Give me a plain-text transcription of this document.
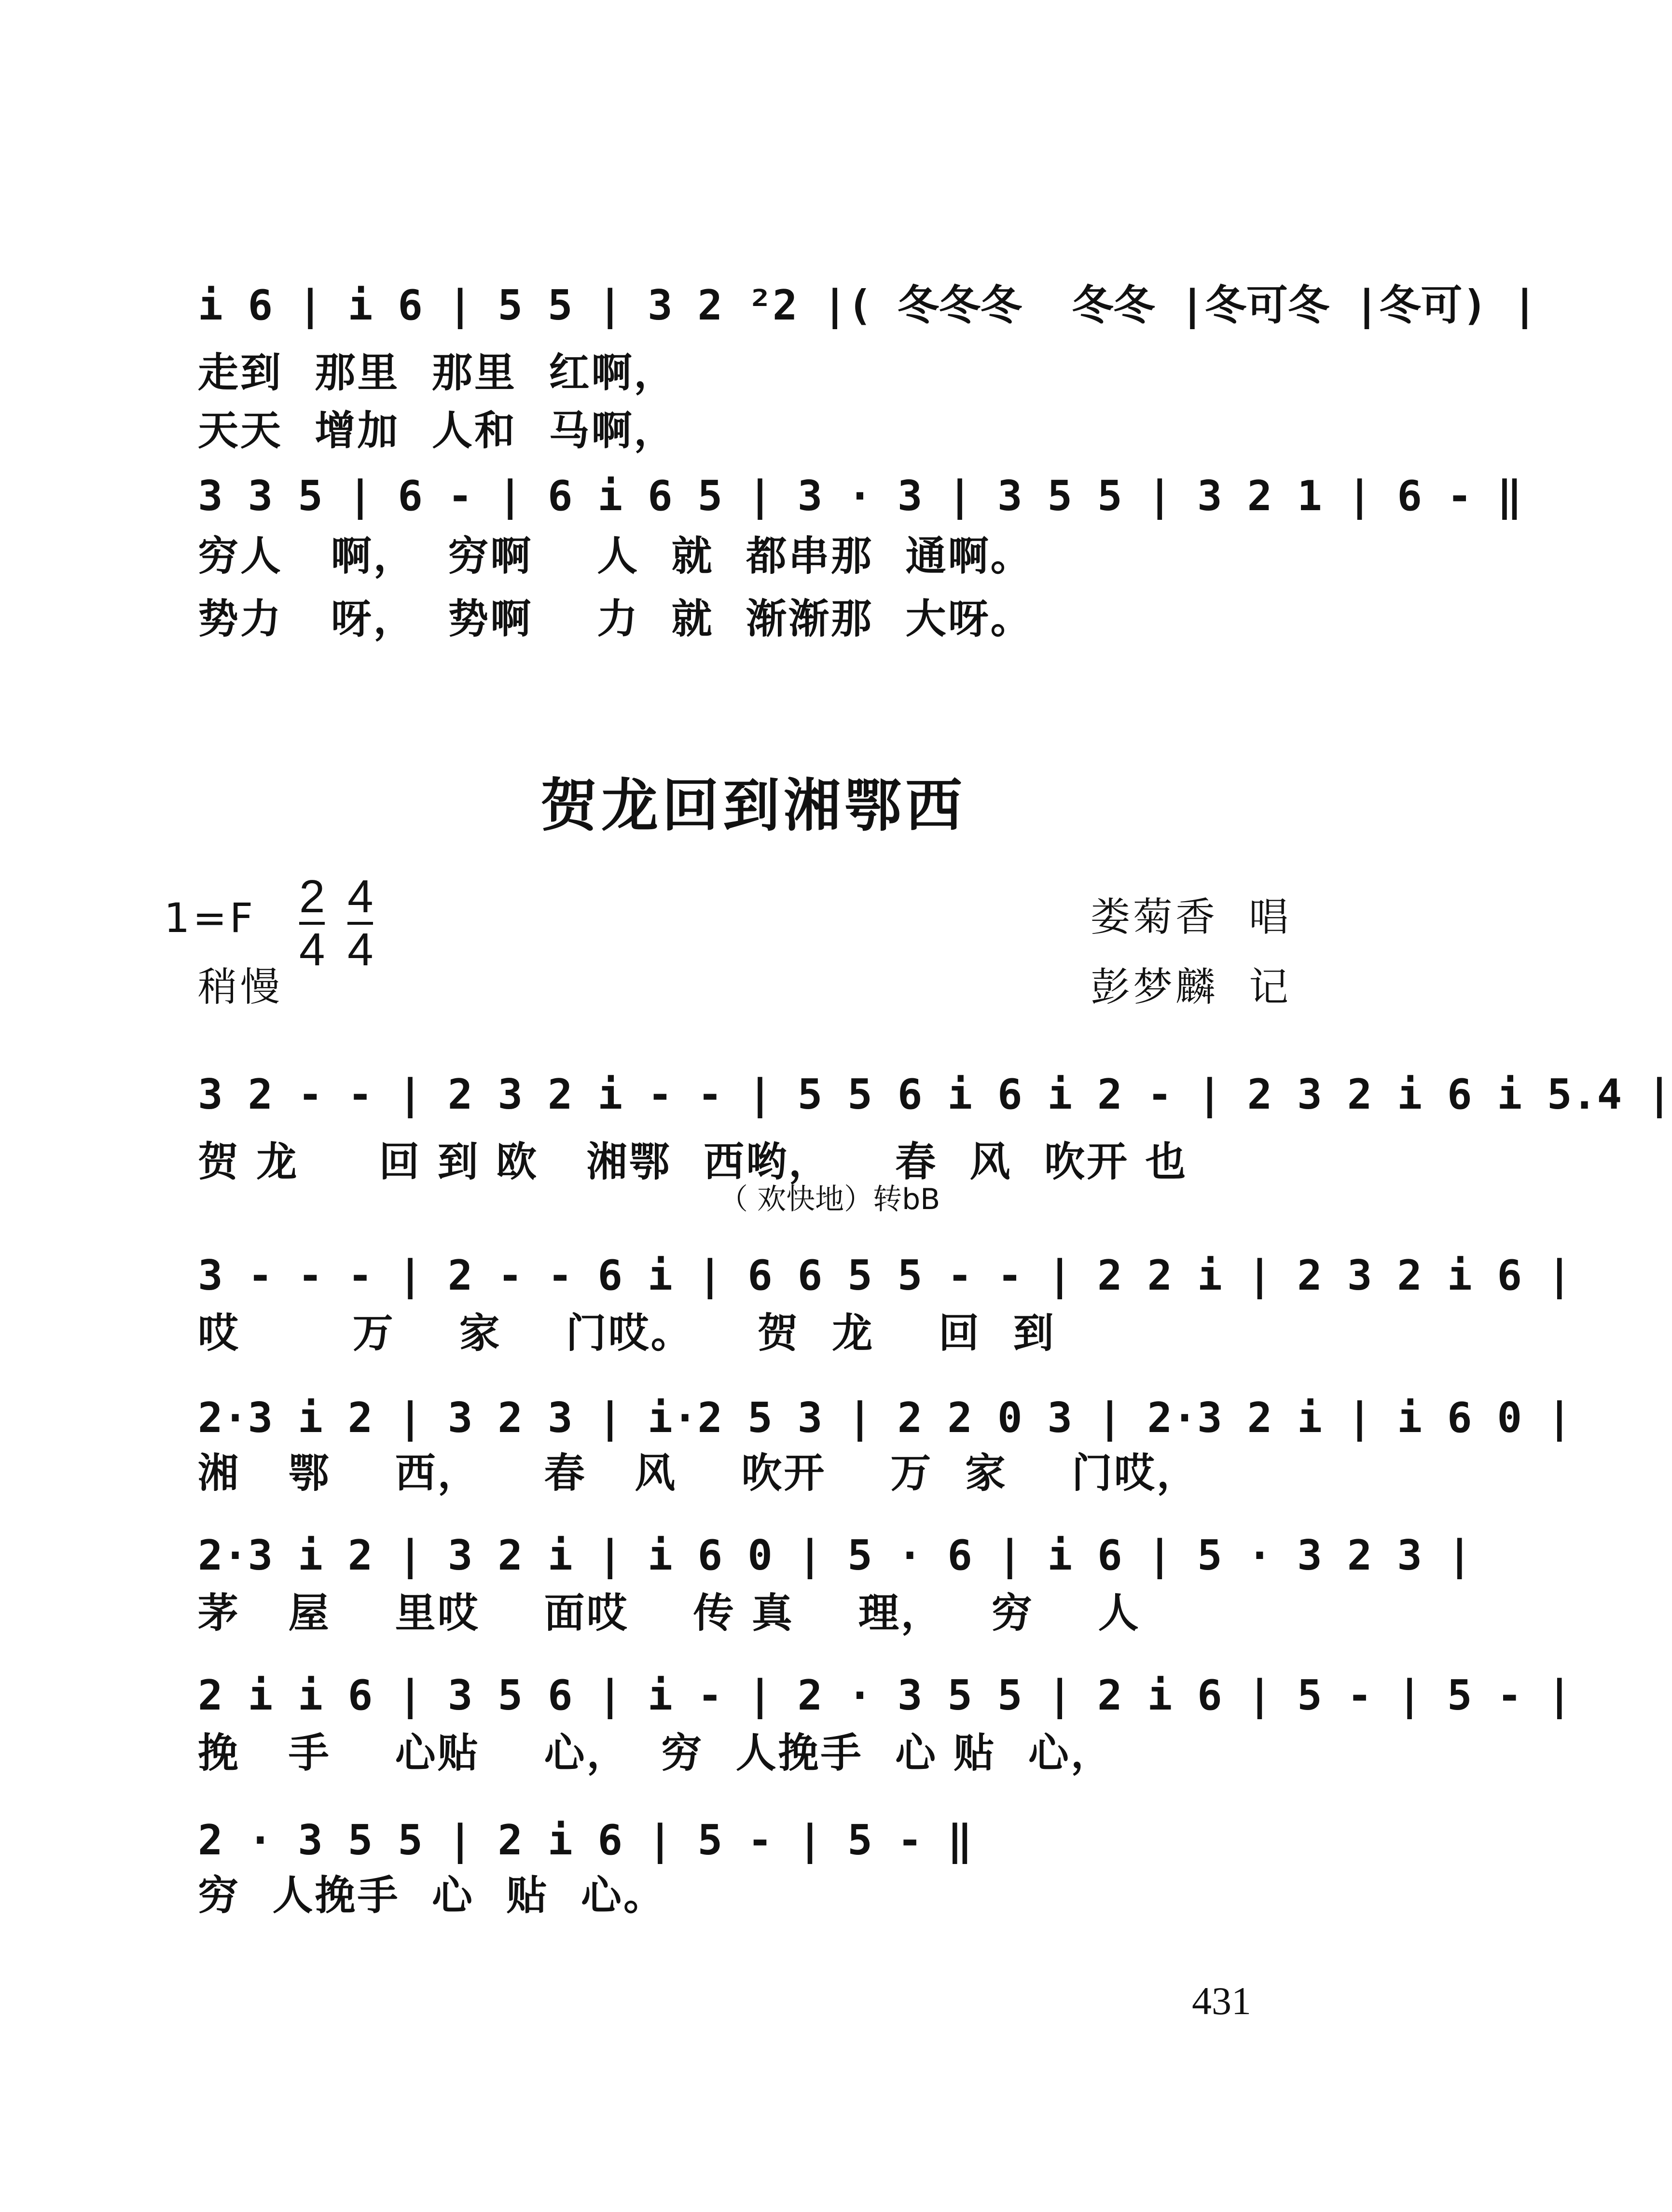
i 6 | i 6 | 5 5 | 3 2 ²2 |( 冬冬冬  冬冬 |冬可冬 |冬可) |
走到  那里  那里  红啊，
天天  增加  人和  马啊，
3 3 5 | 6 - | 6 i 6 5 | 3 · 3 | 3 5 5 | 3 2 1 | 6 - ‖
穷人   啊，  穷啊    人  就  都串那  通啊。
势力   呀，  势啊    力  就  渐渐那  大呀。
贺龙回到湘鄂西
1=F 2
4

4
4
娄菊香  唱
稍慢	彭梦麟  记
3 2 - - | 2 3 2 i - - | 5 5 6 i 6 i 2 - | 2 3 2 i 6 i 5.4 |
贺 龙     回 到 欧   湘鄂  西哟，    春  风  吹开 也
（ 欢快地）转bB
3 - - - | 2 - - 6 i | 6 6 5 5 - - | 2 2 i | 2 3 2 i 6 |
哎       万    家    门哎。    贺  龙    回  到
2·3 i 2 | 3 2 3 | i·2 5 3 | 2 2 0 3 | 2·3 2 i | i 6 0 |
湘   鄂    西，    春   风    吹开    万  家    门哎，
2·3 i 2 | 3 2 i | i 6 0 | 5 · 6 | i 6 | 5 · 3 2 3 |
茅   屋    里哎    面哎    传 真    理，   穷    人
2 i i 6 | 3 5 6 | i - | 2 · 3 5 5 | 2 i 6 | 5 - | 5 - |
挽   手    心贴    心，  穷  人挽手  心 贴  心，
2 · 3 5 5 | 2 i 6 | 5 - | 5 - ‖
穷  人挽手  心  贴  心。
431
